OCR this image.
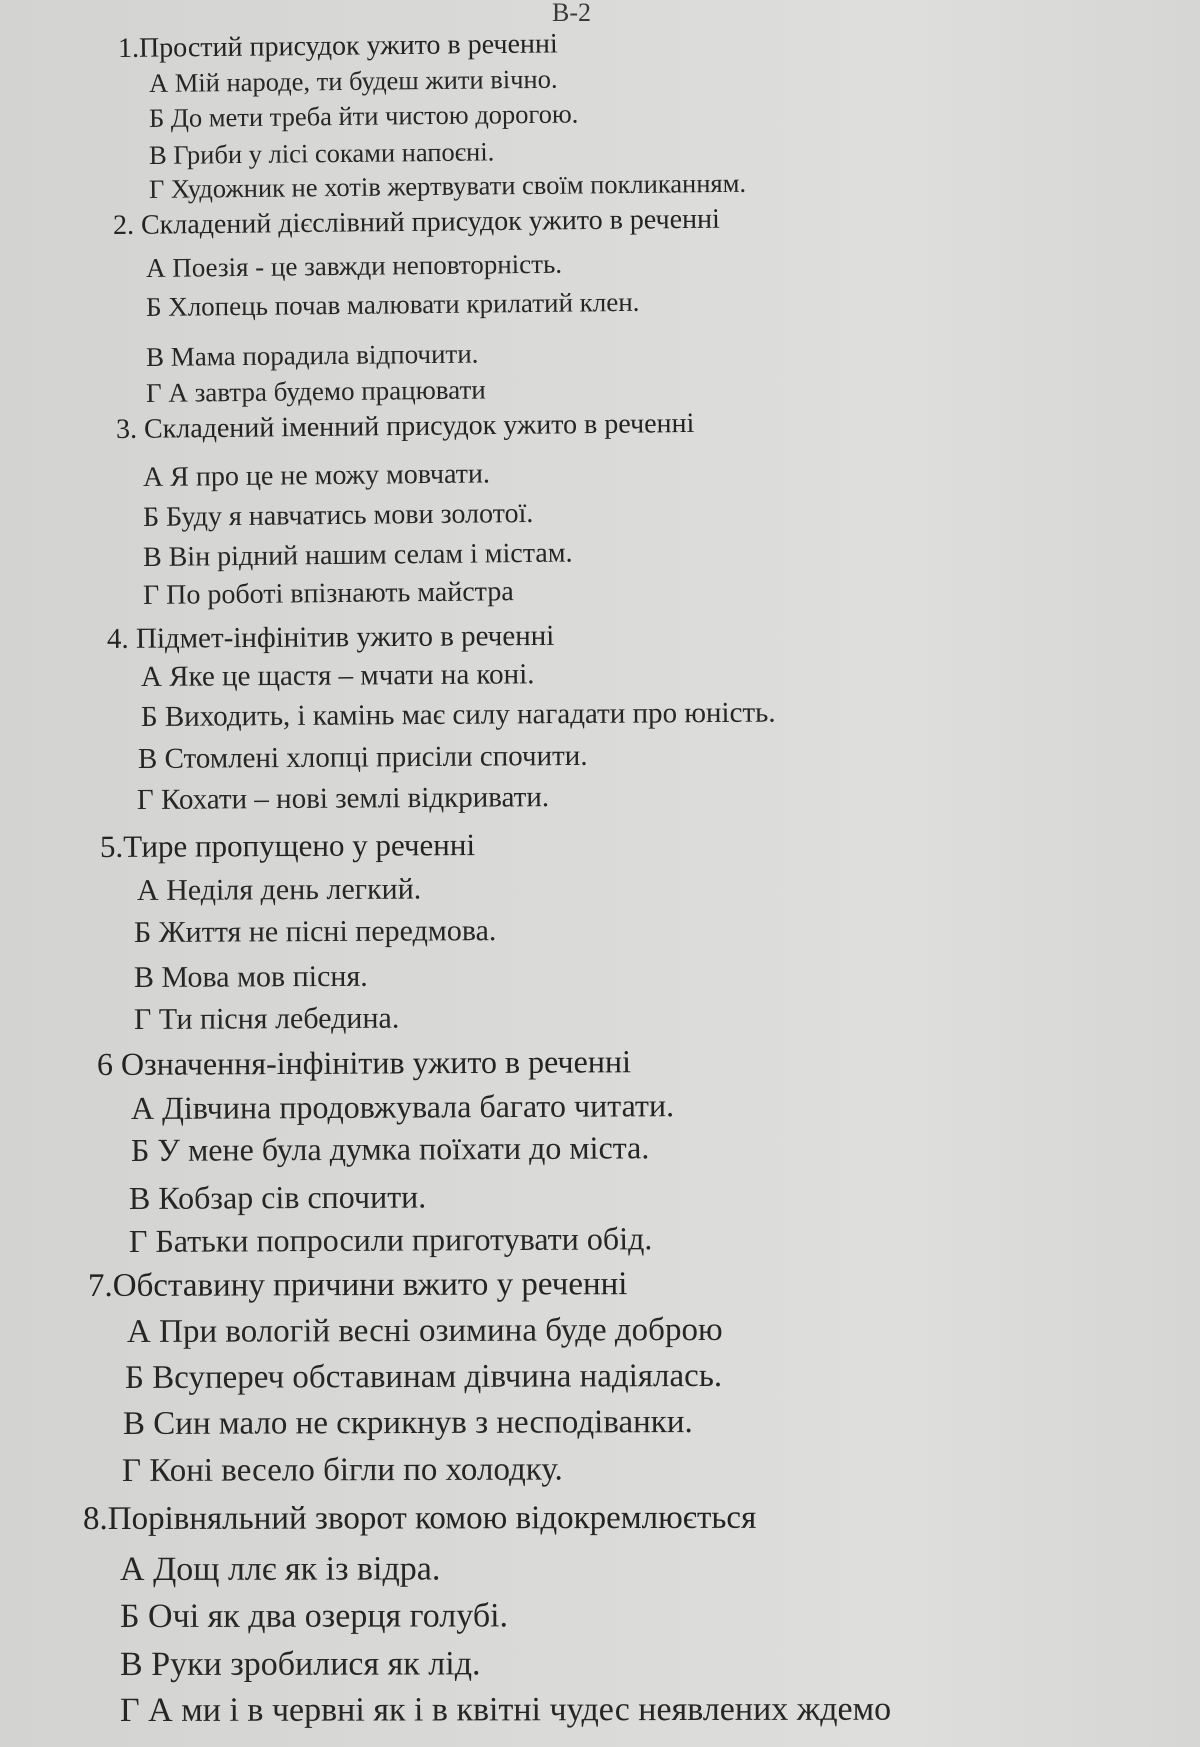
В-2
1.Простий присудок ужито в реченні
А Мій народе, ти будеш жити вічно.
Б До мети треба йти чистою дорогою.
В Гриби у лісі соками напоєні.
Г Художник не хотів жертвувати своїм покликанням.
2. Складений дієслівний присудок ужито в реченні
А Поезія - це завжди неповторність.
Б Хлопець почав малювати крилатий клен.
В Мама порадила відпочити.
Г А завтра будемо працювати
3. Складений іменний присудок ужито в реченні
А Я про це не можу мовчати.
Б Буду я навчатись мови золотої.
В Він рідний нашим селам і містам.
Г По роботі впізнають майстра
4. Підмет-інфінітив ужито в реченні
А Яке це щастя – мчати на коні.
Б Виходить, і камінь має силу нагадати про юність.
В Стомлені хлопці присіли спочити.
Г Кохати – нові землі відкривати.
5.Тире пропущено у реченні
А Неділя день легкий.
Б Життя не пісні передмова.
В Мова мов пісня.
Г Ти пісня лебедина.
6 Означення-інфінітив ужито в реченні
А Дівчина продовжувала багато читати.
Б У мене була думка поїхати до міста.
В Кобзар сів спочити.
Г Батьки попросили приготувати обід.
7.Обставину причини вжито у реченні
А При вологій весні озимина буде доброю
Б Всупереч обставинам дівчина надіялась.
В Син мало не скрикнув з несподіванки.
Г Коні весело бігли по холодку.
8.Порівняльний зворот комою відокремлюється
А Дощ ллє як із відра.
Б Очі як два озерця голубі.
В Руки зробилися як лід.
Г А ми і в червні як і в квітні чудес неявлених ждемо
